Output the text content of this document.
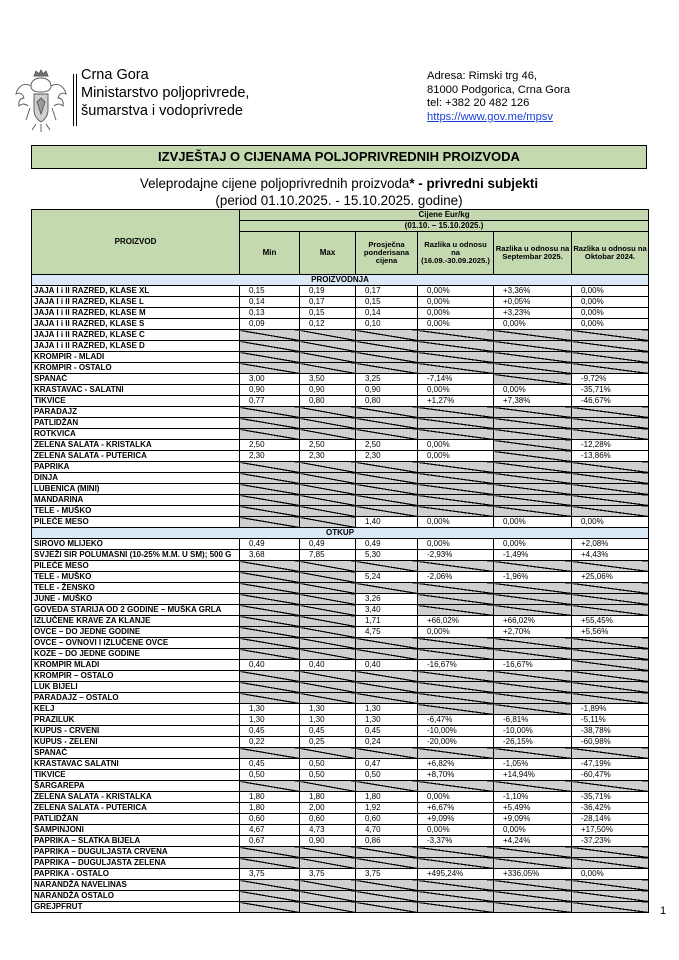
Crna Gora
Ministarstvo poljoprivrede,
šumarstva i vodoprivrede
Adresa: Rimski trg 46,
81000 Podgorica, Crna Gora
tel: +382 20 482 126
https://www.gov.me/mpsv
IZVJEŠTAJ O CIJENAMA POLJOPRIVREDNIH PROIZVODA
Veleprodajne cijene poljoprivrednih proizvoda* - privredni subjekti
(period 01.10.2025. - 15.10.2025. godine)
PROIZVOD	Cijene Eur/kg					
	(01.10. – 15.10.2025.)					
	Min	Max	Prosječna ponderisana cijena	Razlika u odnosu na (16.09.-30.09.2025.)	Razlika u odnosu na Septembar 2025.	Razlika u odnosu na Oktobar 2024.
PROIZVODNJA						
JAJA I i II RAZRED, KLASE XL	0,15	0,19	0,17	0,00%	+3,36%	0,00%
JAJA I i II RAZRED, KLASE L	0,14	0,17	0,15	0,00%	+0,05%	0,00%
JAJA I i II RAZRED, KLASE M	0,13	0,15	0,14	0,00%	+3,23%	0,00%
JAJA I i II RAZRED, KLASE S	0,09	0,12	0,10	0,00%	0,00%	0,00%
JAJA I i II RAZRED, KLASE C						
JAJA I i II RAZRED, KLASE D						
KROMPIR - MLADI						
KROMPIR - OSTALO						
SPANAĆ	3,00	3,50	3,25	-7,14%		-9,72%
KRASTAVAC - SALATNI	0,90	0,90	0,90	0,00%	0,00%	-35,71%
TIKVICE	0,77	0,80	0,80	+1,27%	+7,38%	-46,67%
PARADAJZ						
PATLIDŽAN						
ROTKVICA						
ZELENA SALATA - KRISTALKA	2,50	2,50	2,50	0,00%		-12,28%
ZELENA SALATA - PUTERICA	2,30	2,30	2,30	0,00%		-13,86%
PAPRIKA						
DINJA						
LUBENICA (MINI)						
MANDARINA						
TELE - MUŠKO						
PILEĆE MESO			1,40	0,00%	0,00%	0,00%
OTKUP						
SIROVO MLIJEKO	0,49	0,49	0,49	0,00%	0,00%	+2,08%
SVJEŽI SIR POLUMASNI (10-25% M.M. U SM); 500 G	3,68	7,85	5,30	-2,93%	-1,49%	+4,43%
PILEĆE MESO						
TELE - MUŠKO			5,24	-2,06%	-1,96%	+25,06%
TELE - ŽENSKO						
JUNE - MUŠKO			3,26			
GOVEDA STARIJA OD 2 GODINE – MUŠKA GRLA			3,40			
IZLUČENE KRAVE ZA KLANJE			1,71	+66,02%	+66,02%	+55,45%
OVCE – DO JEDNE GODINE			4,75	0,00%	+2,70%	+5,56%
OVCE – OVNOVI I IZLUČENE OVCE						
KOZE – DO JEDNE GODINE						
KROMPIR MLADI	0,40	0,40	0,40	-16,67%	-16,67%	
KROMPIR – OSTALO						
LUK BIJELI						
PARADAJZ – OSTALO						
KELJ	1,30	1,30	1,30			-1,89%
PRAZILUK	1,30	1,30	1,30	-6,47%	-6,81%	-5,11%
KUPUS - CRVENI	0,45	0,45	0,45	-10,00%	-10,00%	-38,78%
KUPUS - ZELENI	0,22	0,25	0,24	-20,00%	-26,15%	-60,98%
SPANAĆ						
KRASTAVAC SALATNI	0,45	0,50	0,47	+6,82%	-1,05%	-47,19%
TIKVICE	0,50	0,50	0,50	+8,70%	+14,94%	-60,47%
ŠARGAREPA						
ZELENA SALATA - KRISTALKA	1,80	1,80	1,80	0,00%	-1,10%	-35,71%
ZELENA SALATA - PUTERICA	1,80	2,00	1,92	+6,67%	+5,49%	-36,42%
PATLIDŽAN	0,60	0,60	0,60	+9,09%	+9,09%	-28,14%
ŠAMPINJONI	4,67	4,73	4,70	0,00%	0,00%	+17,50%
PAPRIKA – SLATKA BIJELA	0,67	0,90	0,86	-3,37%	+4,24%	-37,23%
PAPRIKA – DUGULJASTA CRVENA						
PAPRIKA – DUGULJASTA ZELENA						
PAPRIKA - OSTALO	3,75	3,75	3,75	+495,24%	+336,05%	0,00%
NARANDŽA NAVELINAS						
NARANDŽA OSTALO						
GREJPFRUT							1
